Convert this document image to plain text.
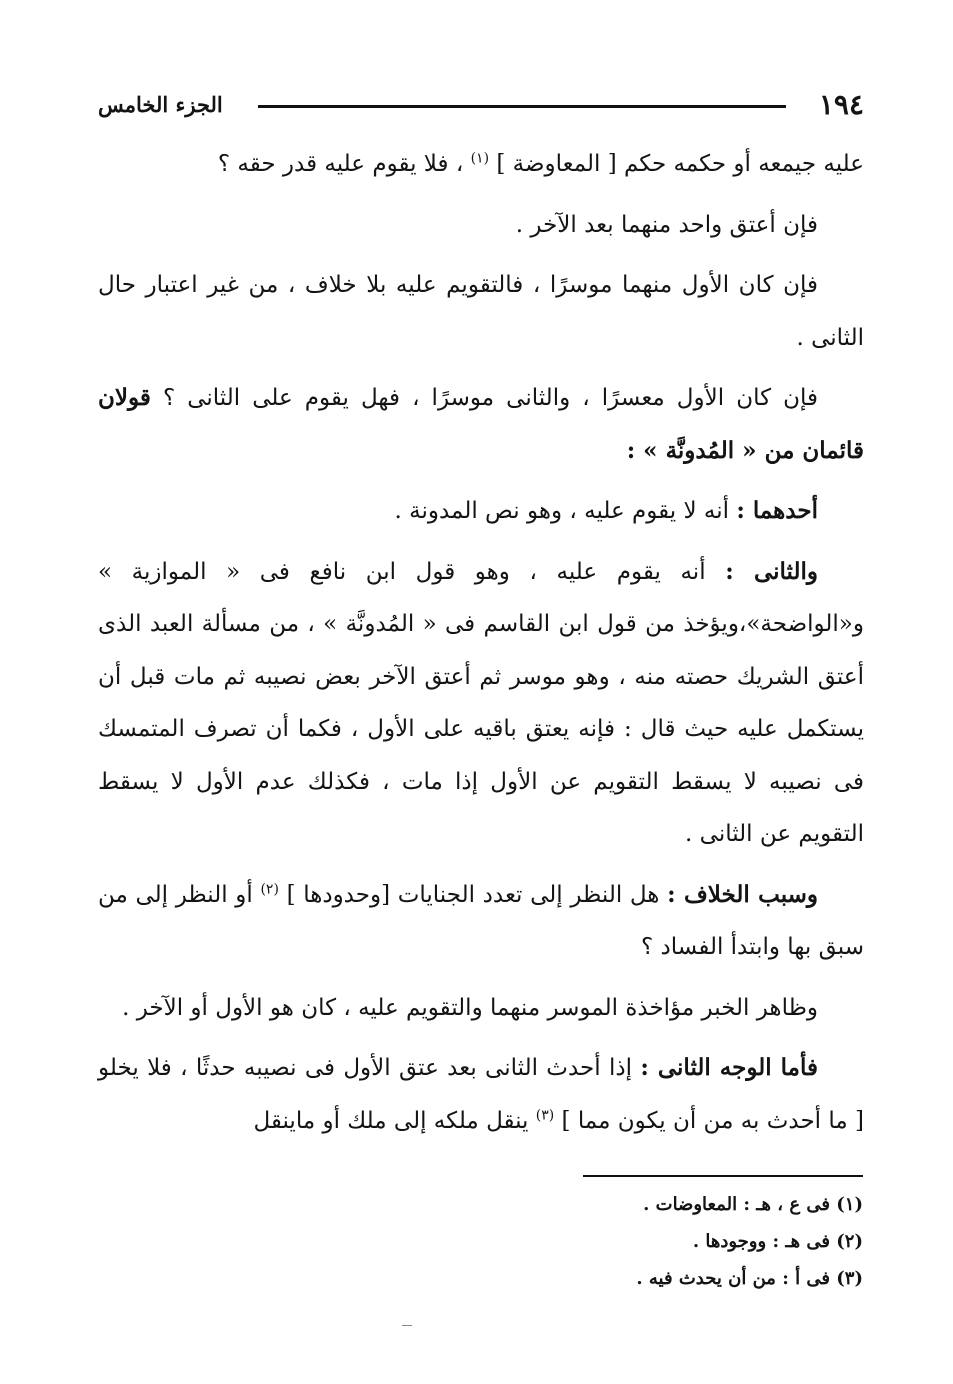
١٩٤
الجزء الخامس

عليه جيمعه أو حكمه حكم [ المعاوضة ] $^{(١)}$ ، فلا يقوم عليه قدر حقه ؟

فإن أعتق واحد منهما بعد الآخر .

فإن كان الأول منهما موسرًا ، فالتقويم عليه بلا خلاف ، من غير اعتبار حال الثانى .

فإن كان الأول معسرًا ، والثانى موسرًا ، فهل يقوم على الثانى ؟ قولان قائمان من « المُدونَّة » :

أحدهما : أنه لا يقوم عليه ، وهو نص المدونة .

والثانى : أنه يقوم عليه ، وهو قول ابن نافع فى « الموازية » و«الواضحة»،ويؤخذ من قول ابن القاسم فى « المُدونَّة » ، من مسألة العبد الذى أعتق الشريك حصته منه ، وهو موسر ثم أعتق الآخر بعض نصيبه ثم مات قبل أن يستكمل عليه حيث قال : فإنه يعتق باقيه على الأول ، فكما أن تصرف المتمسك فى نصيبه لا يسقط التقويم عن الأول إذا مات ، فكذلك عدم الأول لا يسقط التقويم عن الثانى .

وسبب الخلاف : هل النظر إلى تعدد الجنايات [وحدودها ] $^{(٢)}$ أو النظر إلى من سبق بها وابتدأ الفساد ؟

وظاهر الخبر مؤاخذة الموسر منهما والتقويم عليه ، كان هو الأول أو الآخر .

فأما الوجه الثانى : إذا أحدث الثانى بعد عتق الأول فى نصيبه حدثًا ، فلا يخلو [ ما أحدث به من أن يكون مما ] $^{(٣)}$ ينقل ملكه إلى ملك أو ماينقل

(١) فى ع ، هـ : المعاوضات .
(٢) فى هـ : ووجودها .
(٣) فى أ : من أن يحدث فيه .
